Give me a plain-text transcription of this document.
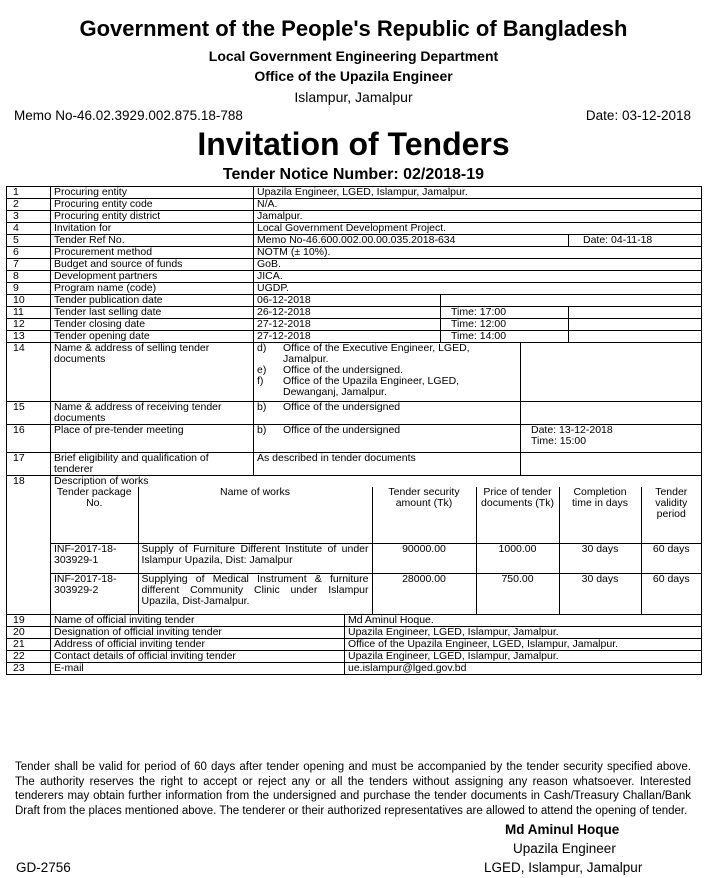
Government of the People's Republic of Bangladesh
Local Government Engineering Department
Office of the Upazila Engineer
Islampur, Jamalpur
Memo No-46.02.3929.002.875.18-788	Date: 03-12-2018
Invitation of Tenders
Tender Notice Number: 02/2018-19
1	Procuring entity	Upazila Engineer, LGED, Islampur, Jamalpur.
2	Procuring entity code	N/A.
3	Procuring entity district	Jamalpur.
4	Invitation for	Local Government Development Project.
5	Tender Ref No.	Memo No-46.600.002.00.00.035.2018-634	Date: 04-11-18
6	Procurement method	NOTM (± 10%).
7	Budget and source of funds	GoB.
8	Development partners	JICA.
9	Program name (code)	UGDP.
10	Tender publication date	06-12-2018	
11	Tender last selling date	26-12-2018	Time: 17:00	
12	Tender closing date	27-12-2018	Time: 12:00	
13	Tender opening date	27-12-2018	Time: 14:00	
14	Name & address of selling tender documents	
d)	Office of the Executive Engineer, LGED, Jamalpur.
e)	Office of the undersigned.
f)	Office of the Upazila Engineer, LGED, Dewanganj, Jamalpur.

15	Name & address of receiving tender documents	
b)	Office of the undersigned

16	Place of pre-tender meeting	b)	Office of the undersigned	Date: 13-12-2018
Time: 15:00

17	Brief eligibility and qualification of tenderer	As described in tender documents	
18	Description of works

Tender package No.	Name of works	Tender security amount (Tk)	Price of tender documents (Tk)	Completion time in days	Tender validity period
INF-2017-18-303929-1	Supply of Furniture Different Institute of under Islampur Upazila, Dist: Jamalpur	90000.00	1000.00	30 days	60 days
INF-2017-18-303929-2	Supplying of Medical Instrument & furniture different Community Clinic under Islampur Upazila, Dist-Jamalpur.	28000.00	750.00	30 days	60 days

19	Name of official inviting tender	Md Aminul Hoque.
20	Designation of official inviting tender	Upazila Engineer, LGED, Islampur, Jamalpur.
21	Address of official inviting tender	Office of the Upazila Engineer, LGED, Islampur, Jamalpur.
22	Contact details of official inviting tender	Upazila Engineer, LGED, Islampur, Jamalpur.
23	E-mail	ue.islampur@lged.gov.bd
Tender shall be valid for period of 60 days after tender opening and must be accompanied by the tender security specified above. The authority reserves the right to accept or reject any or all the tenders without assigning any reason whatsoever. Interested tenderers may obtain further information from the undersigned and purchase the tender documents in Cash/Treasury Challan/Bank Draft from the places mentioned above. The tenderer or their authorized representatives are allowed to attend the opening of tender.
Md Aminul Hoque
Upazila Engineer
LGED, Islampur, Jamalpur
GD-2756
